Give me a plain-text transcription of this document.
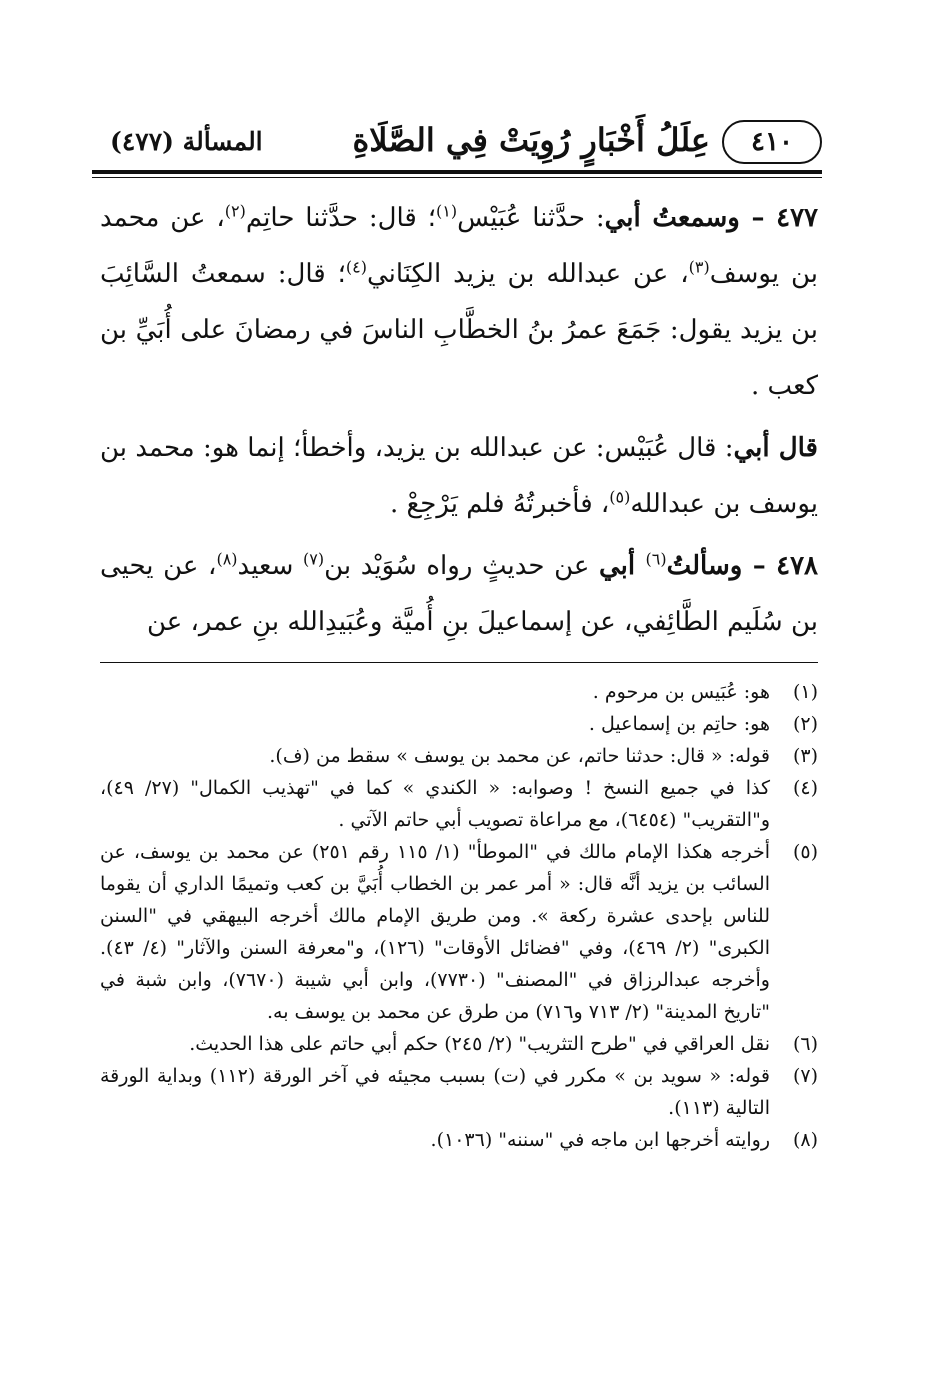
٤١٠
عِلَلُ أَخْبَارٍ رُوِيَتْ فِي الصَّلَاةِ
المسألة (٤٧٧)

٤٧٧ – وسمعتُ أبي: حدَّثنا عُبَيْس$^{(١)}$؛ قال: حدَّثنا حاتِم$^{(٢)}$، عن محمد بن يوسف$^{(٣)}$، عن عبدالله بن يزيد الكِنَاني$^{(٤)}$؛ قال: سمعتُ السَّائِبَ بن يزيد يقول: جَمَعَ عمرُ بنُ الخطَّابِ الناسَ في رمضانَ على أُبَيِّ بن كعب .

قال أبي: قال عُبَيْس: عن عبدالله بن يزيد، وأخطأ؛ إنما هو: محمد بن يوسف بن عبدالله$^{(٥)}$، فأخبرتُهُ فلم يَرْجِعْ .

٤٧٨ – وسألتُ$^{(٦)}$ أبي عن حديثٍ رواه سُوَيْد بن$^{(٧)}$ سعيد$^{(٨)}$، عن يحيى بن سُلَيم الطَّائِفي، عن إسماعيلَ بنِ أُميَّة وعُبَيدِالله بنِ عمر، عن

(١)
هو: عُبَيس بن مرحوم .
(٢)
هو: حاتِم بن إسماعيل .
(٣)
قوله: « قال: حدثنا حاتم، عن محمد بن يوسف » سقط من (ف).
(٤)
كذا في جميع النسخ ! وصوابه: « الكندي » كما في "تهذيب الكمال" (٢٧/ ٤٩)، و"التقريب" (٦٤٥٤)، مع مراعاة تصويب أبي حاتم الآتي .
(٥)
أخرجه هكذا الإمام مالك في "الموطأ" (١/ ١١٥ رقم ٢٥١) عن محمد بن يوسف، عن السائب بن يزيد أنَّه قال: « أمر عمر بن الخطاب أُبَيَّ بن كعب وتميمًا الداري أن يقوما للناس بإحدى عشرة ركعة ». ومن طريق الإمام مالك أخرجه البيهقي في "السنن الكبرى" (٢/ ٤٦٩)، وفي "فضائل الأوقات" (١٢٦)، و"معرفة السنن والآثار" (٤/ ٤٣). وأخرجه عبدالرزاق في "المصنف" (٧٧٣٠)، وابن أبي شيبة (٧٦٧٠)، وابن شبة في "تاريخ المدينة" (٢/ ٧١٣ و٧١٦) من طرق عن محمد بن يوسف به.
(٦)
نقل العراقي في "طرح التثريب" (٢/ ٢٤٥) حكم أبي حاتم على هذا الحديث.
(٧)
قوله: « سويد بن » مكرر في (ت) بسبب مجيئه في آخر الورقة (١١٢) وبداية الورقة التالية (١١٣).
(٨)
روايته أخرجها ابن ماجه في "سننه" (١٠٣٦).
